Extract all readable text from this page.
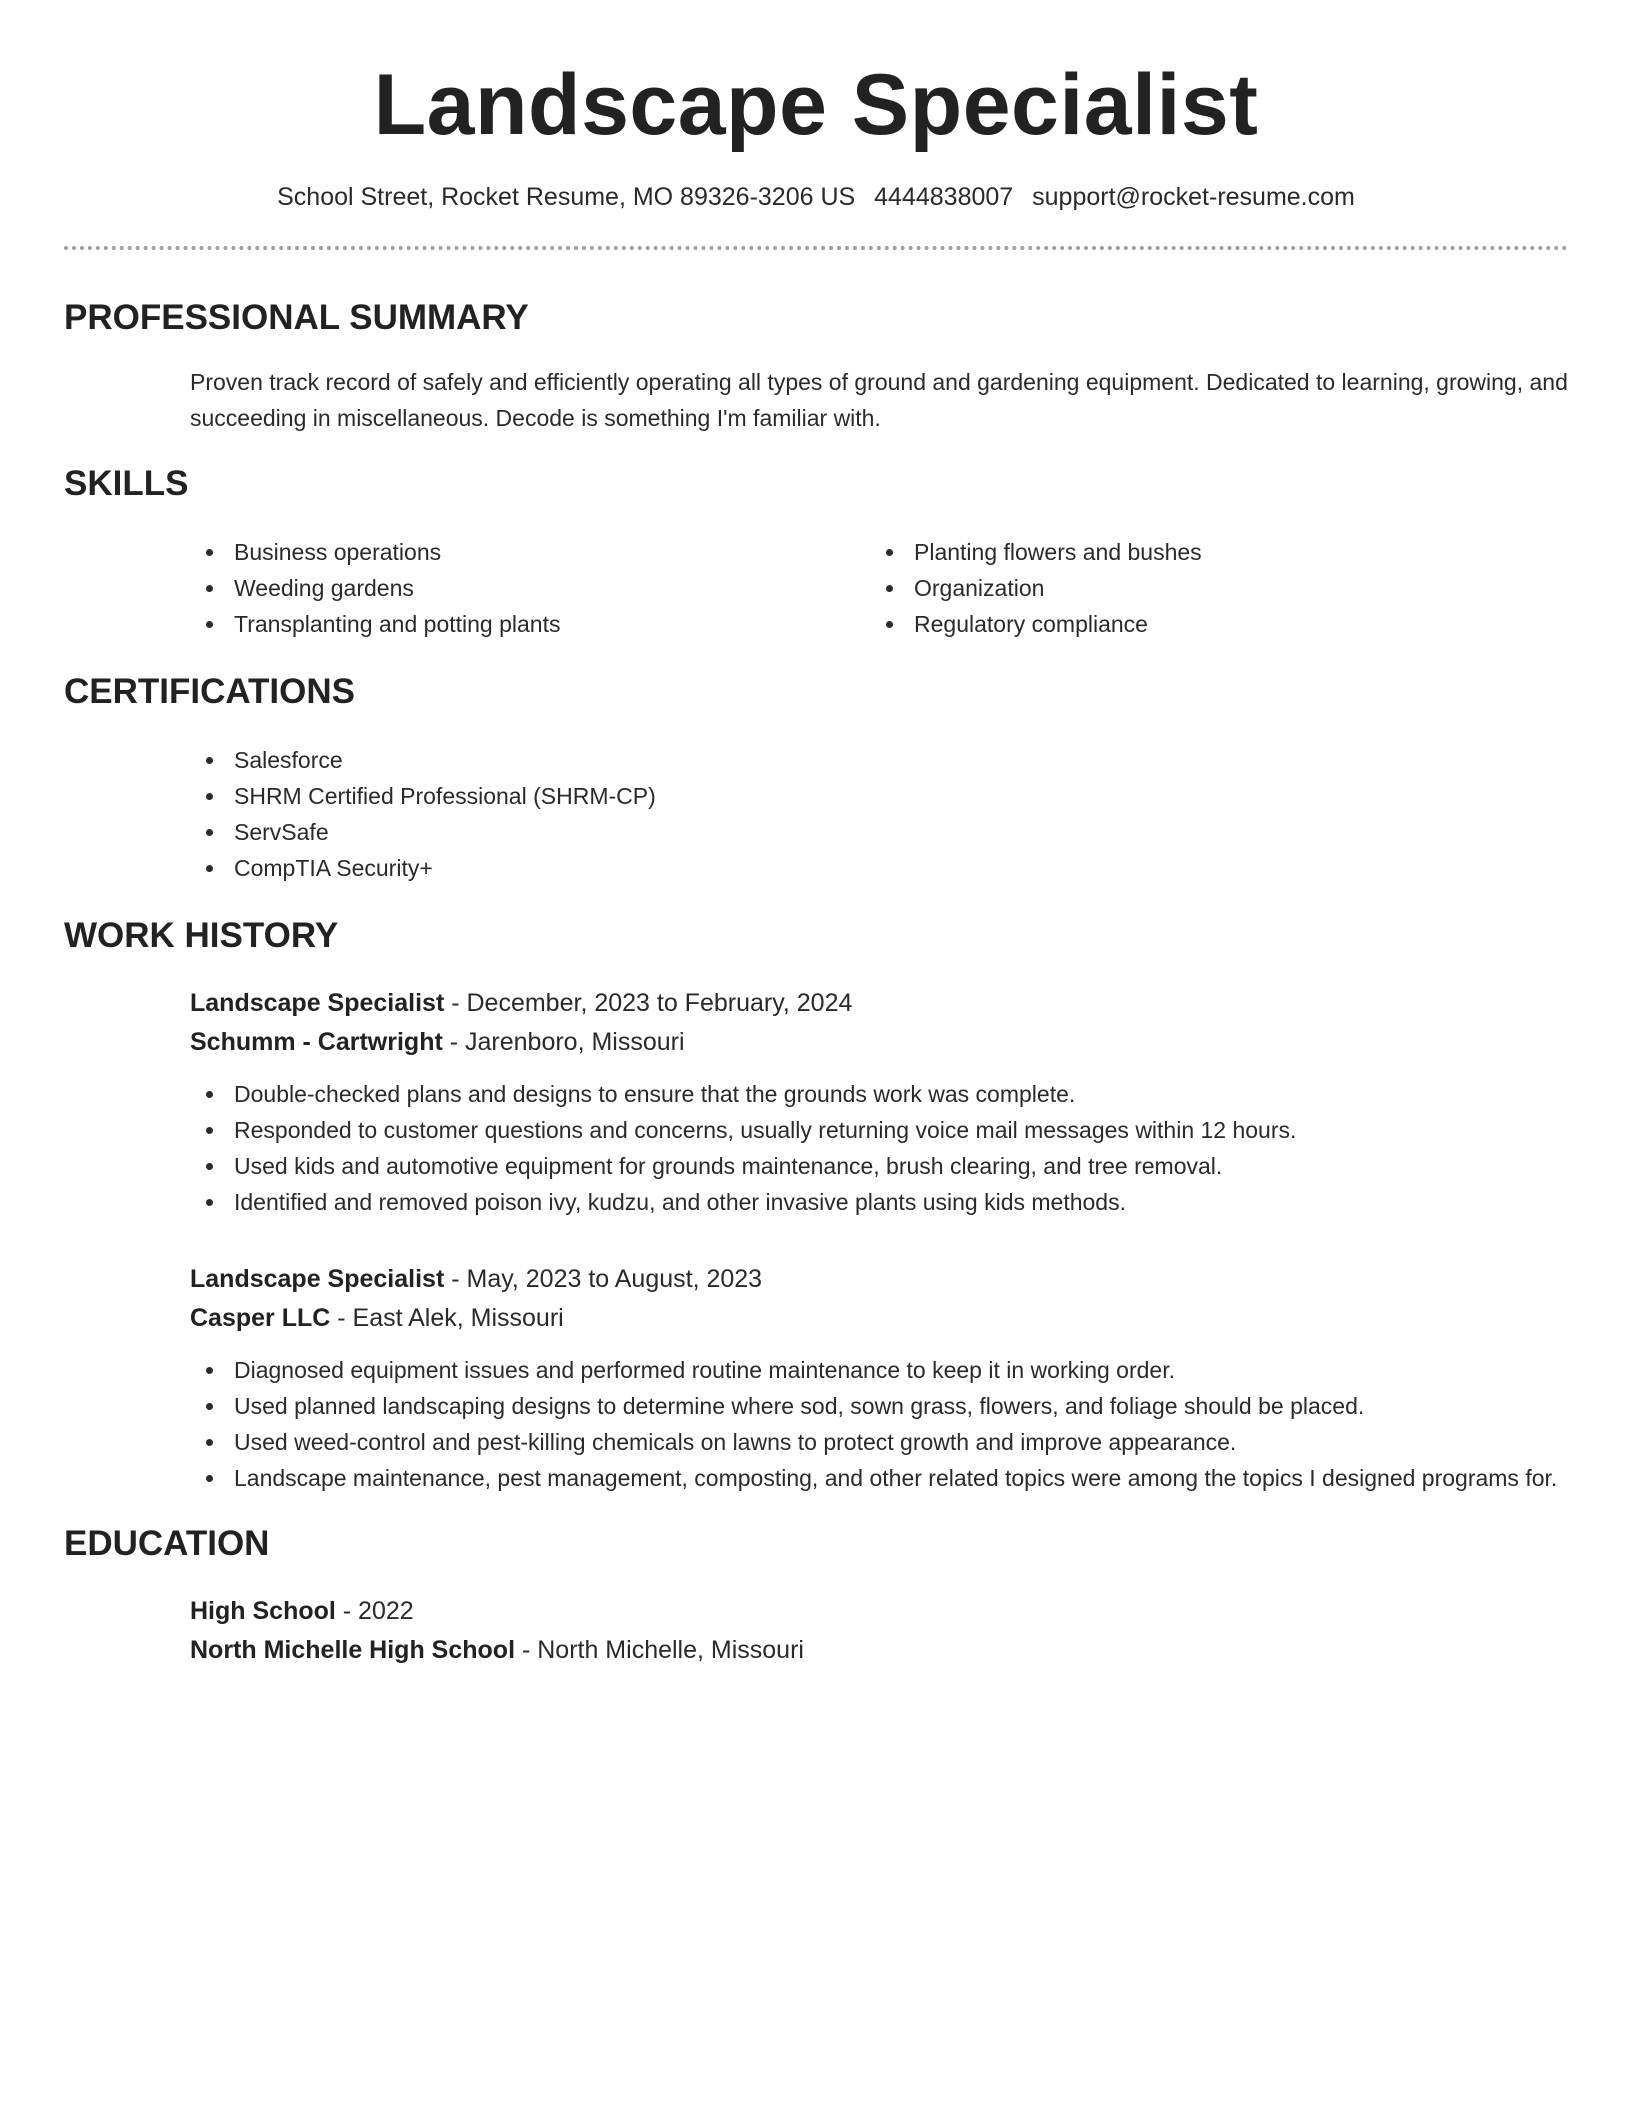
Landscape Specialist
School Street, Rocket Resume, MO 89326-3206 US 4444838007 support@rocket-resume.com
PROFESSIONAL SUMMARY

Proven track record of safely and efficiently operating all types of ground and gardening equipment. Dedicated to learning, growing, and succeeding in miscellaneous. Decode is something I'm familiar with.

SKILLS
Business operations
Weeding gardens
Transplanting and potting plants
Planting flowers and bushes
Organization
Regulatory compliance
CERTIFICATIONS
Salesforce
SHRM Certified Professional (SHRM-CP)
ServSafe
CompTIA Security+
WORK HISTORY
Landscape Specialist - December, 2023 to February, 2024
Schumm - Cartwright - Jarenboro, Missouri
Double-checked plans and designs to ensure that the grounds work was complete.
Responded to customer questions and concerns, usually returning voice mail messages within 12 hours.
Used kids and automotive equipment for grounds maintenance, brush clearing, and tree removal.
Identified and removed poison ivy, kudzu, and other invasive plants using kids methods.
Landscape Specialist - May, 2023 to August, 2023
Casper LLC - East Alek, Missouri
Diagnosed equipment issues and performed routine maintenance to keep it in working order.
Used planned landscaping designs to determine where sod, sown grass, flowers, and foliage should be placed.
Used weed-control and pest-killing chemicals on lawns to protect growth and improve appearance.
Landscape maintenance, pest management, composting, and other related topics were among the topics I designed programs for.
EDUCATION
High School - 2022
North Michelle High School - North Michelle, Missouri
